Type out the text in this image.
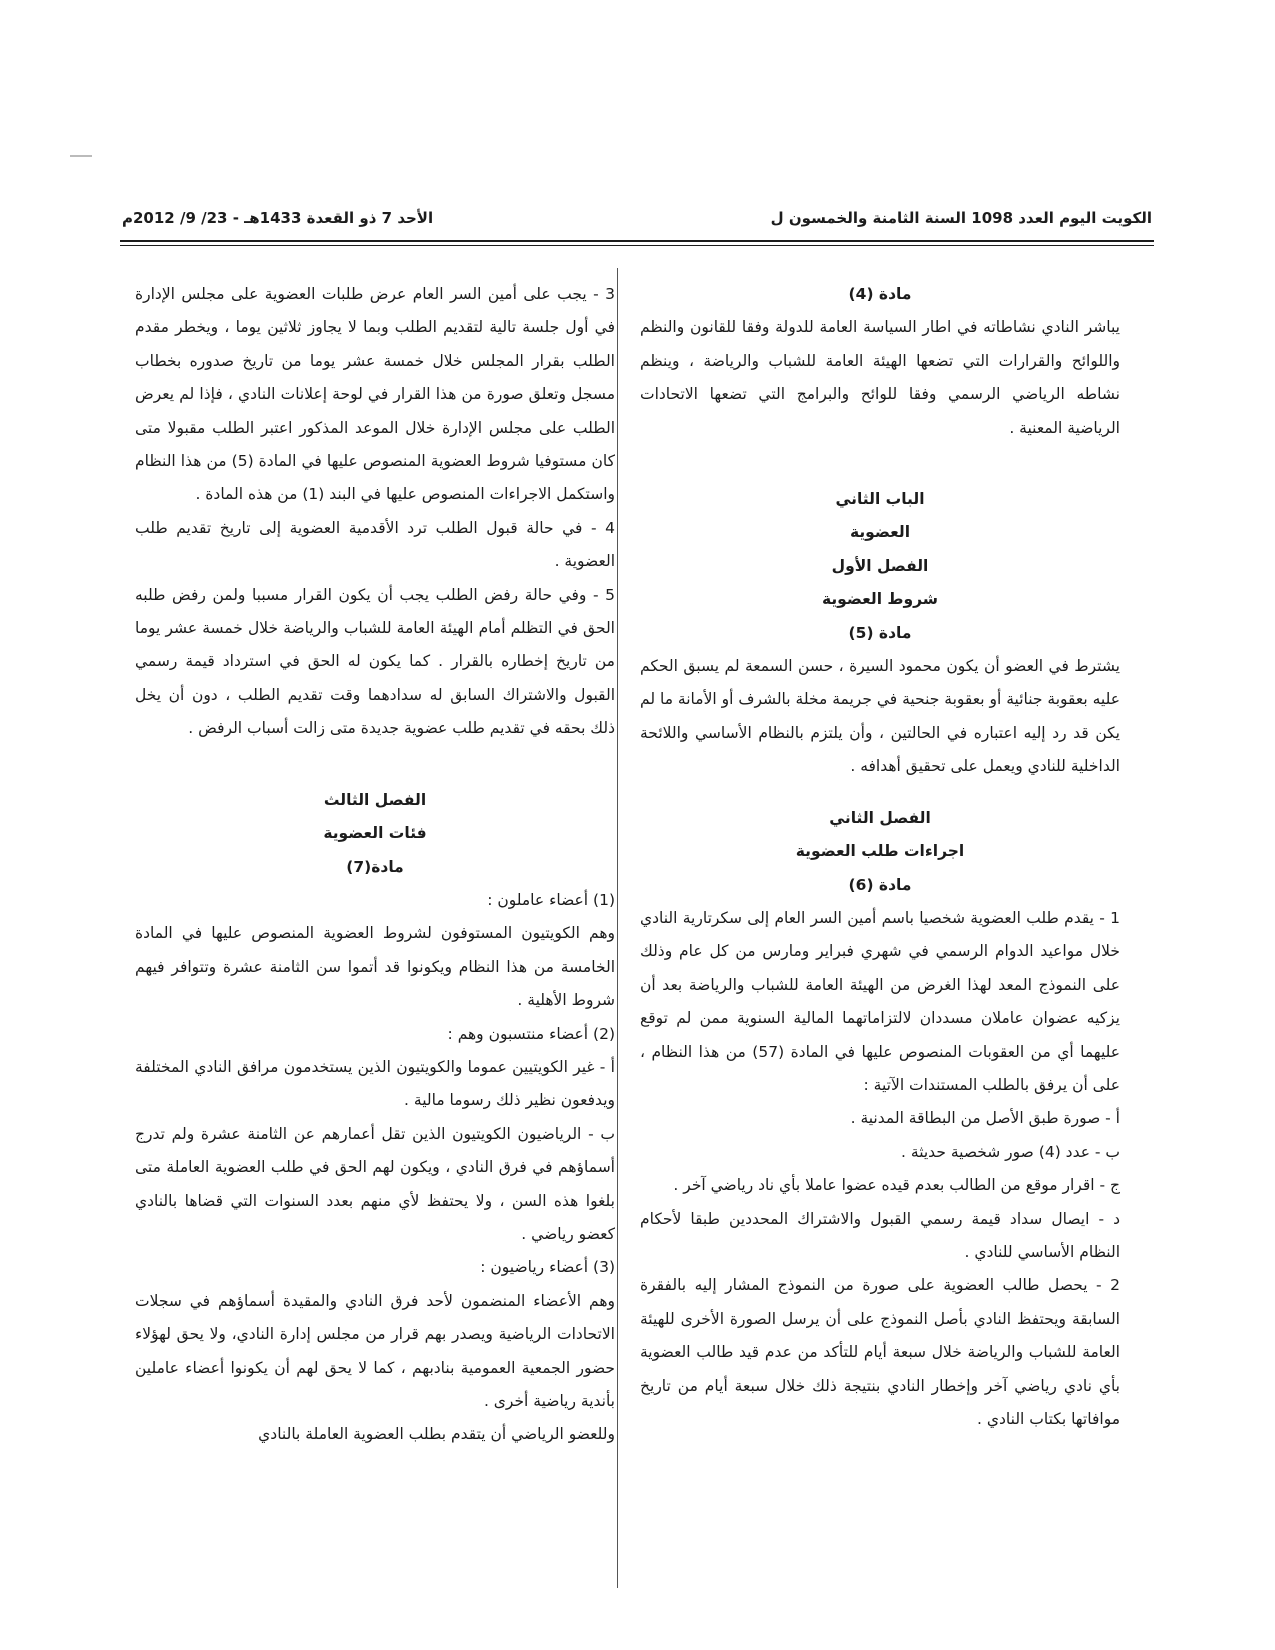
الكويت اليوم العدد 1098 السنة الثامنة والخمسون ل
الأحد 7 ذو القعدة 1433هـ - 23/ 9/ 2012م

مادة (4)

يباشر النادي نشاطاته في اطار السياسة العامة للدولة وفقا للقانون والنظم واللوائح والقرارات التي تضعها الهيئة العامة للشباب والرياضة ، وينظم نشاطه الرياضي الرسمي وفقا للوائح والبرامج التي تضعها الاتحادات الرياضية المعنية .

الباب الثاني

العضوية

الفصل الأول

شروط العضوية

مادة (5)

يشترط في العضو أن يكون محمود السيرة ، حسن السمعة لم يسبق الحكم عليه بعقوبة جنائية أو بعقوبة جنحية في جريمة مخلة بالشرف أو الأمانة ما لم يكن قد رد إليه اعتباره في الحالتين ، وأن يلتزم بالنظام الأساسي واللائحة الداخلية للنادي ويعمل على تحقيق أهدافه .

الفصل الثاني

اجراءات طلب العضوية

مادة (6)

1 - يقدم طلب العضوية شخصيا باسم أمين السر العام إلى سكرتارية النادي خلال مواعيد الدوام الرسمي في شهري فبراير ومارس من كل عام وذلك على النموذج المعد لهذا الغرض من الهيئة العامة للشباب والرياضة بعد أن يزكيه عضوان عاملان مسددان لالتزاماتهما المالية السنوية ممن لم توقع عليهما أي من العقوبات المنصوص عليها في المادة (57) من هذا النظام ، على أن يرفق بالطلب المستندات الآتية :

أ - صورة طبق الأصل من البطاقة المدنية .

ب - عدد (4) صور شخصية حديثة .

ج - اقرار موقع من الطالب بعدم قيده عضوا عاملا بأي ناد رياضي آخر .

د - ايصال سداد قيمة رسمي القبول والاشتراك المحددين طبقا لأحكام النظام الأساسي للنادي .

2 - يحصل طالب العضوية على صورة من النموذج المشار إليه بالفقرة السابقة ويحتفظ النادي بأصل النموذج على أن يرسل الصورة الأخرى للهيئة العامة للشباب والرياضة خلال سبعة أيام للتأكد من عدم قيد طالب العضوية بأي نادي رياضي آخر وإخطار النادي بنتيجة ذلك خلال سبعة أيام من تاريخ موافاتها بكتاب النادي .

3 - يجب على أمين السر العام عرض طلبات العضوية على مجلس الإدارة في أول جلسة تالية لتقديم الطلب وبما لا يجاوز ثلاثين يوما ، ويخطر مقدم الطلب بقرار المجلس خلال خمسة عشر يوما من تاريخ صدوره بخطاب مسجل وتعلق صورة من هذا القرار في لوحة إعلانات النادي ، فإذا لم يعرض الطلب على مجلس الإدارة خلال الموعد المذكور اعتبر الطلب مقبولا متى كان مستوفيا شروط العضوية المنصوص عليها في المادة (5) من هذا النظام واستكمل الاجراءات المنصوص عليها في البند (1) من هذه المادة .

4 - في حالة قبول الطلب ترد الأقدمية العضوية إلى تاريخ تقديم طلب العضوية .

5 - وفي حالة رفض الطلب يجب أن يكون القرار مسببا ولمن رفض طلبه الحق في التظلم أمام الهيئة العامة للشباب والرياضة خلال خمسة عشر يوما من تاريخ إخطاره بالقرار . كما يكون له الحق في استرداد قيمة رسمي القبول والاشتراك السابق له سدادهما وقت تقديم الطلب ، دون أن يخل ذلك بحقه في تقديم طلب عضوية جديدة متى زالت أسباب الرفض .

الفصل الثالث

فئات العضوية

مادة(7)

(1) أعضاء عاملون :

وهم الكويتيون المستوفون لشروط العضوية المنصوص عليها في المادة الخامسة من هذا النظام ويكونوا قد أتموا سن الثامنة عشرة وتتوافر فيهم شروط الأهلية .

(2) أعضاء منتسبون وهم :

أ - غير الكويتيين عموما والكويتيون الذين يستخدمون مرافق النادي المختلفة ويدفعون نظير ذلك رسوما مالية .

ب - الرياضيون الكويتيون الذين تقل أعمارهم عن الثامنة عشرة ولم تدرج أسماؤهم في فرق النادي ، ويكون لهم الحق في طلب العضوية العاملة متى بلغوا هذه السن ، ولا يحتفظ لأي منهم بعدد السنوات التي قضاها بالنادي كعضو رياضي .

(3) أعضاء رياضيون :

وهم الأعضاء المنضمون لأحد فرق النادي والمقيدة أسماؤهم في سجلات الاتحادات الرياضية ويصدر بهم قرار من مجلس إدارة النادي، ولا يحق لهؤلاء حضور الجمعية العمومية بنادبهم ، كما لا يحق لهم أن يكونوا أعضاء عاملين بأندية رياضية أخرى .

وللعضو الرياضي أن يتقدم بطلب العضوية العاملة بالنادي
